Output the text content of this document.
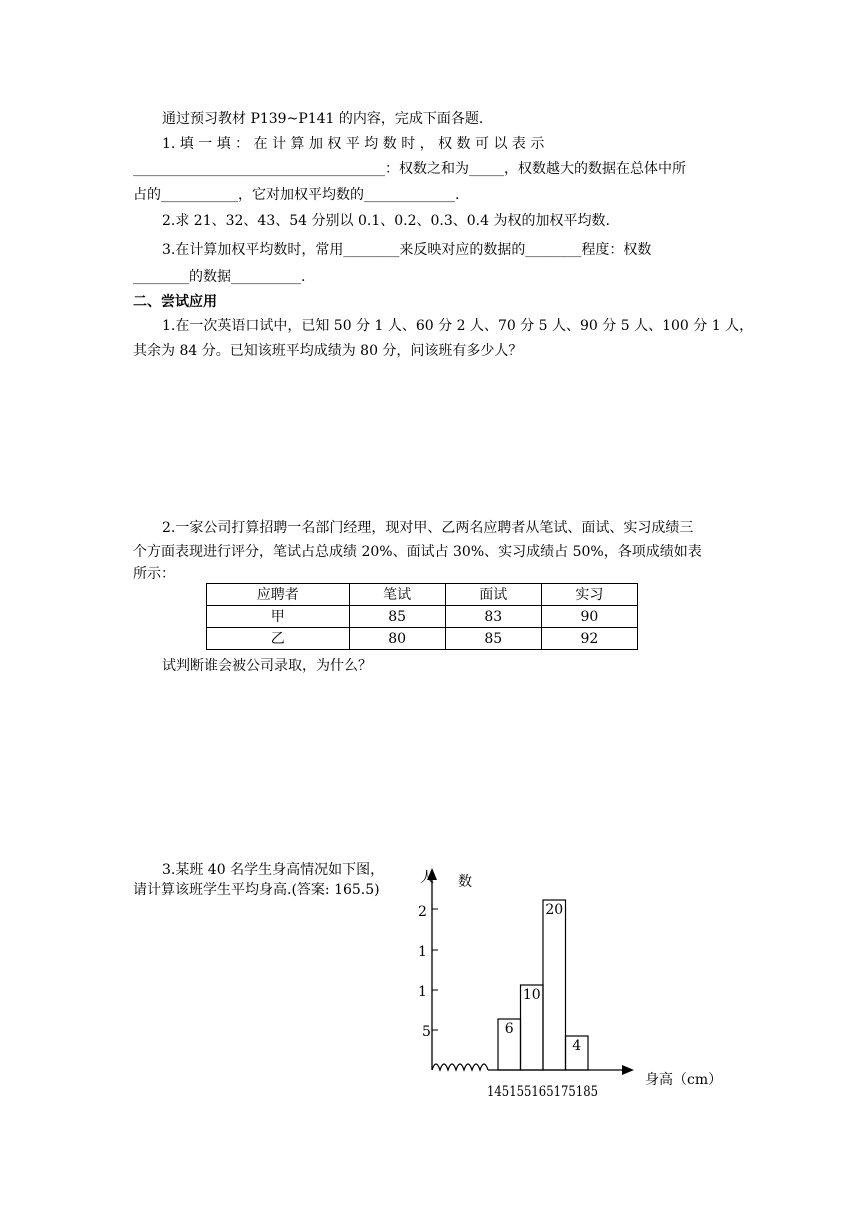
通过预习教材 P139~P141 的内容，完成下面各题.
1. 填 一 填 ： 在 计 算 加 权 平 均 数 时 ， 权 数 可 以 表 示
____________________________________：权数之和为_____，权数越大的数据在总体中所
占的___________，它对加权平均数的_____________.
2.求 21、32、43、54 分别以 0.1、0.2、0.3、0.4 为权的加权平均数.
3.在计算加权平均数时，常用________来反映对应的数据的________程度：权数
________的数据__________.
二、尝试应用
1.在一次英语口试中，已知 50 分 1 人、60 分 2 人、70 分 5 人、90 分 5 人、100 分 1 人，
其余为 84 分。已知该班平均成绩为 80 分，问该班有多少人？
2.一家公司打算招聘一名部门经理，现对甲、乙两名应聘者从笔试、面试、实习成绩三
个方面表现进行评分，笔试占总成绩 20%、面试占 30%、实习成绩占 50%，各项成绩如表
所示：
应聘者	笔试	面试	实习
甲	85	83	90
乙	80	85	92
试判断谁会被公司录取，为什么？
3.某班 40 名学生身高情况如下图，
请计算该班学生平均身高.(答案: 165.5)
2
1
1
5
人 数
身高（cm）
145155165175185
6
10
20
4
